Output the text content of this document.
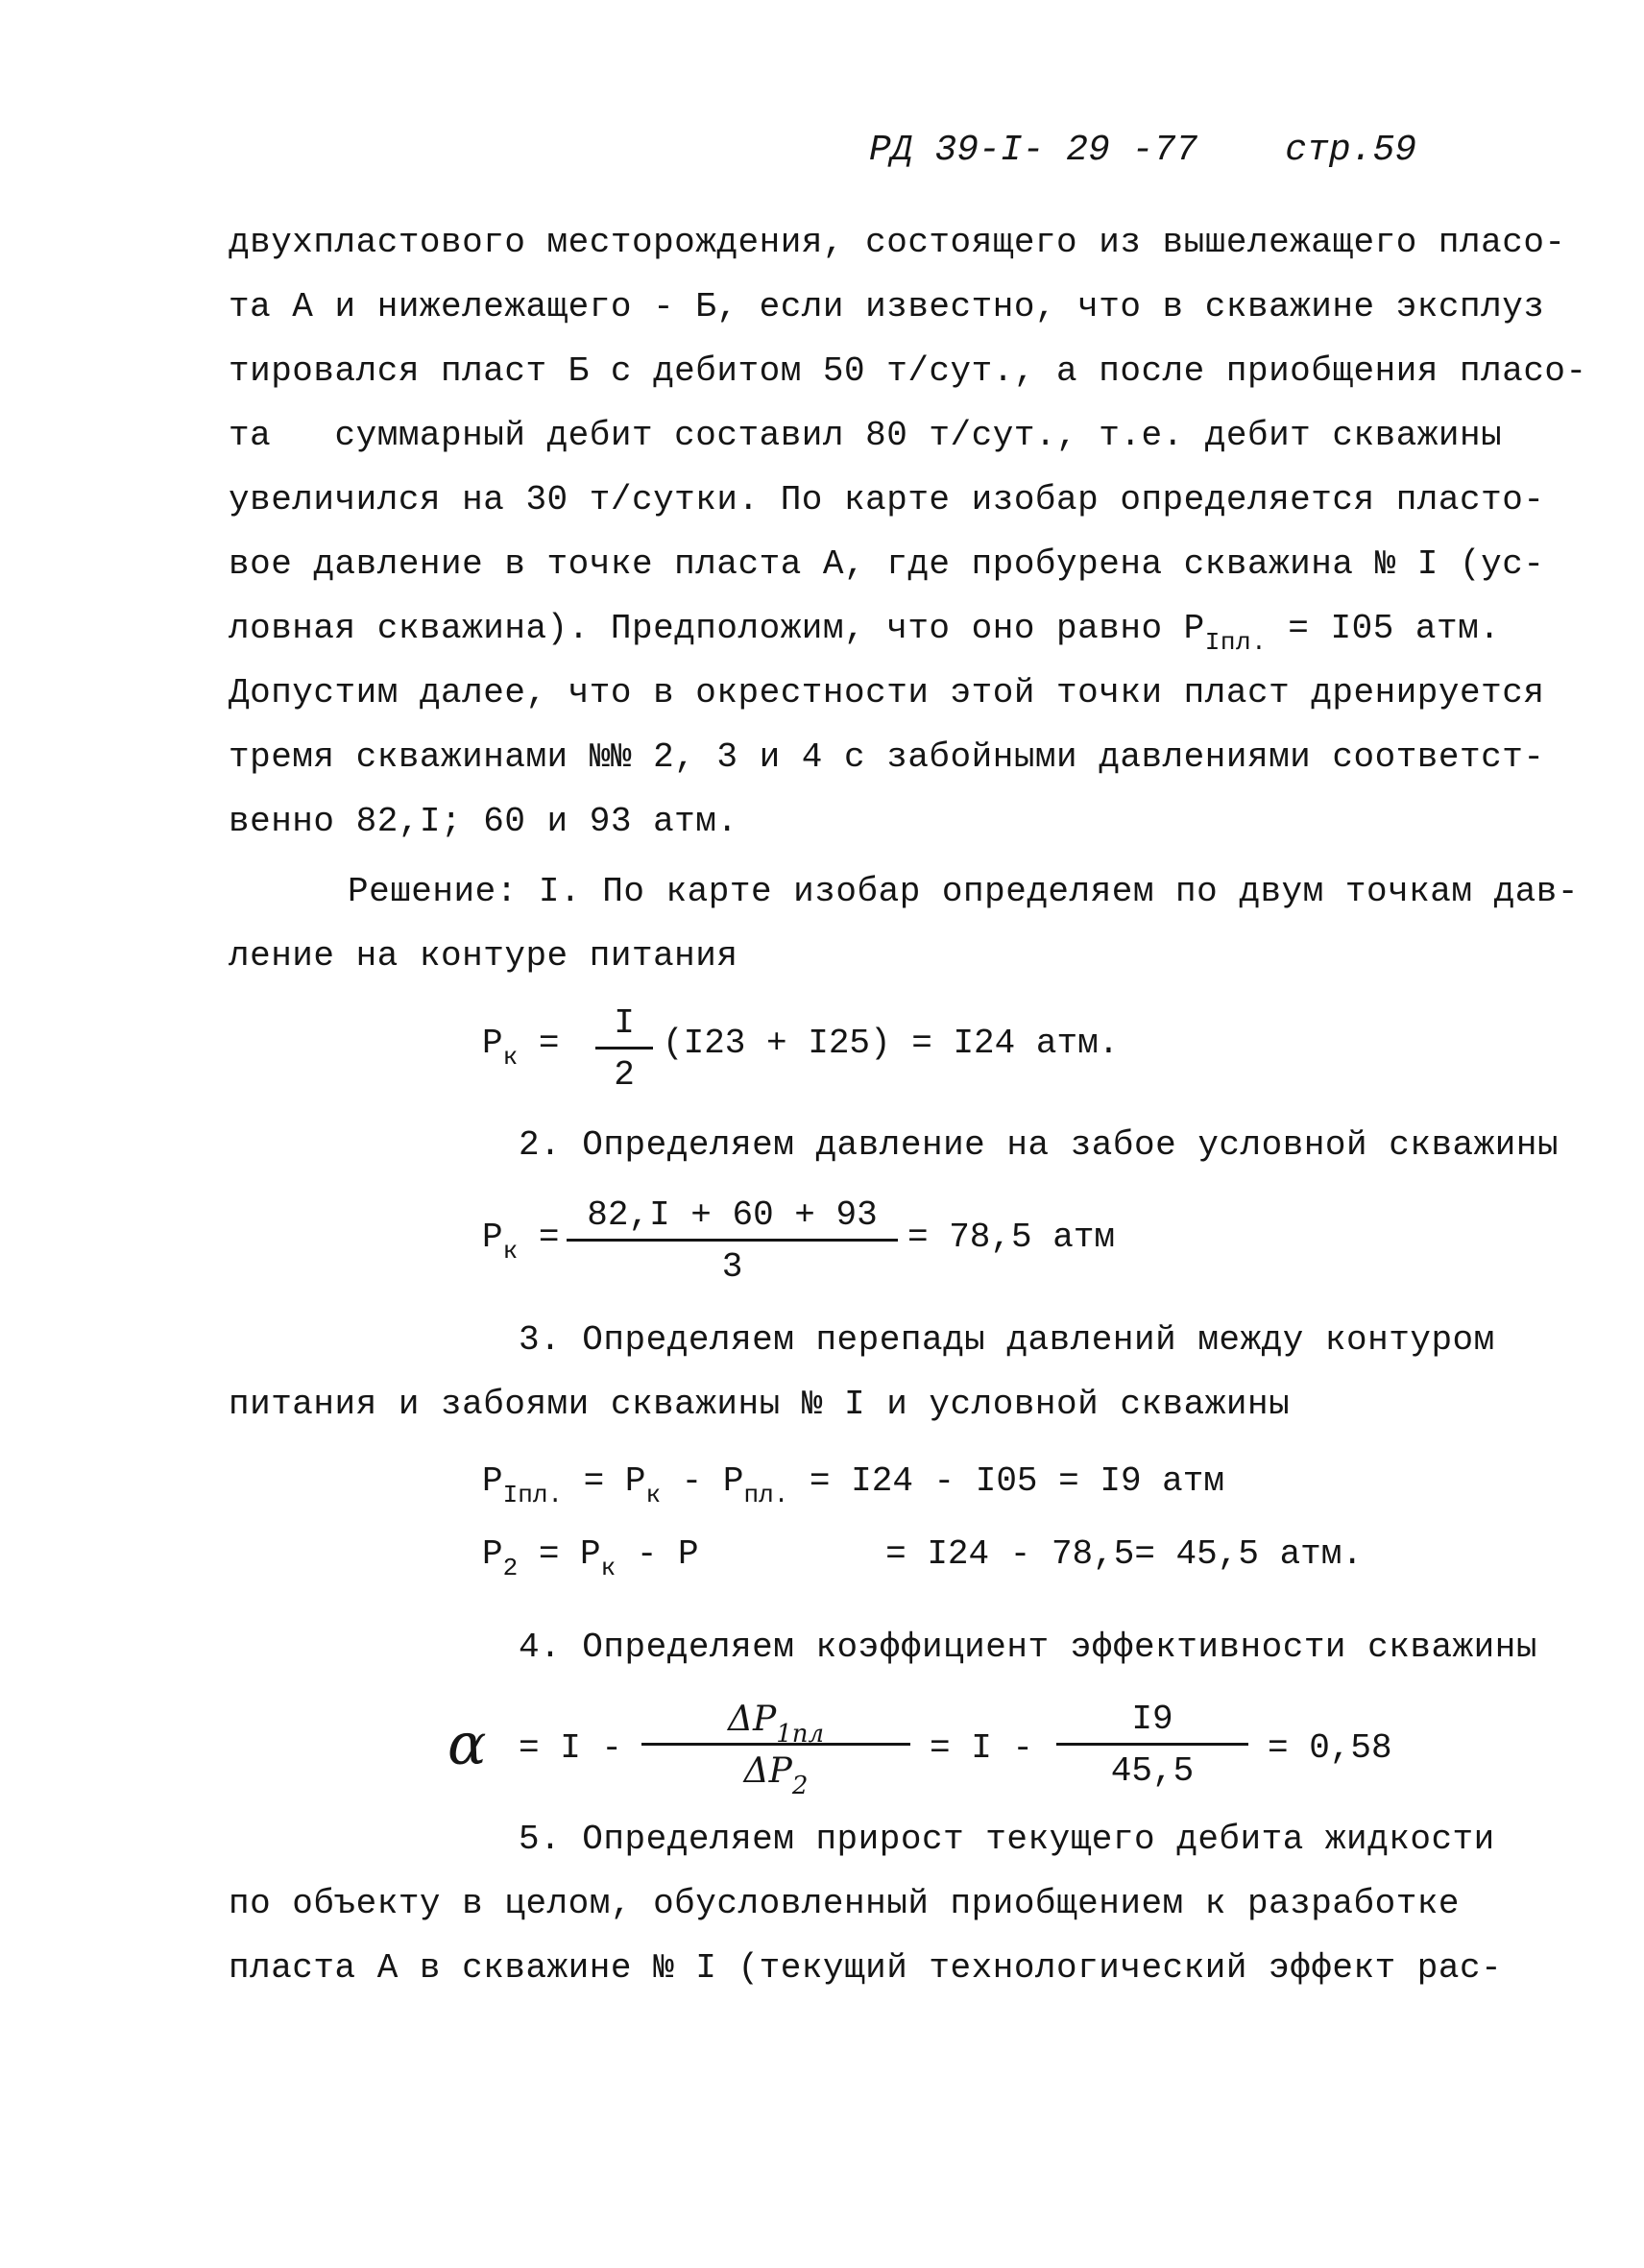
РД 39-I- 29 -77 стр.59
двухпластового месторождения, состоящего из вышележащего пласо-
та А и нижележащего - Б, если известно, что в скважине эксплуз
тировался пласт Б с дебитом 50 т/сут., а после приобщения пласо-
та   суммарный дебит составил 80 т/сут., т.е. дебит скважины
увеличился на 30 т/сутки. По карте изобар определяется пласто-
вое давление в точке пласта А, где пробурена скважина № I (ус-
ловная скважина). Предположим, что оно равно $P_{Iпл.} = I05$ атм.
Допустим далее, что в окрестности этой точки пласт дренируется
тремя скважинами №№ 2, 3 и 4 с забойными давлениями соответст-
венно 82,I; 60 и 93 атм.
Решение: I. По карте изобар определяем по двум точкам дав-
ление на контуре питания
$P_к = \frac{I}{2} (I23 + I25) = I24$ атм.
2. Определяем давление на забое условной скважины
$P_к = \frac{82,I + 60 + 93}{3} = 78,5$ атм
3. Определяем перепады давлений между контуром
питания и забоями скважины № I и условной скважины
$P_{Iпл.} = P_к - P_{пл.} = I24 - I05 = I9$ атм
$P_2 = P_к - P$	= I24 - 78,5= 45,5 атм.
4. Определяем коэффициент эффективности скважины
α = I -
$\Delta P_{1пл}$
$\Delta P_2$
= $I - \frac{I9}{45,5} = 0,58$
5. Определяем прирост текущего дебита жидкости
по объекту в целом, обусловленный приобщением к разработке
пласта А в скважине № I (текущий технологический эффект рас-
